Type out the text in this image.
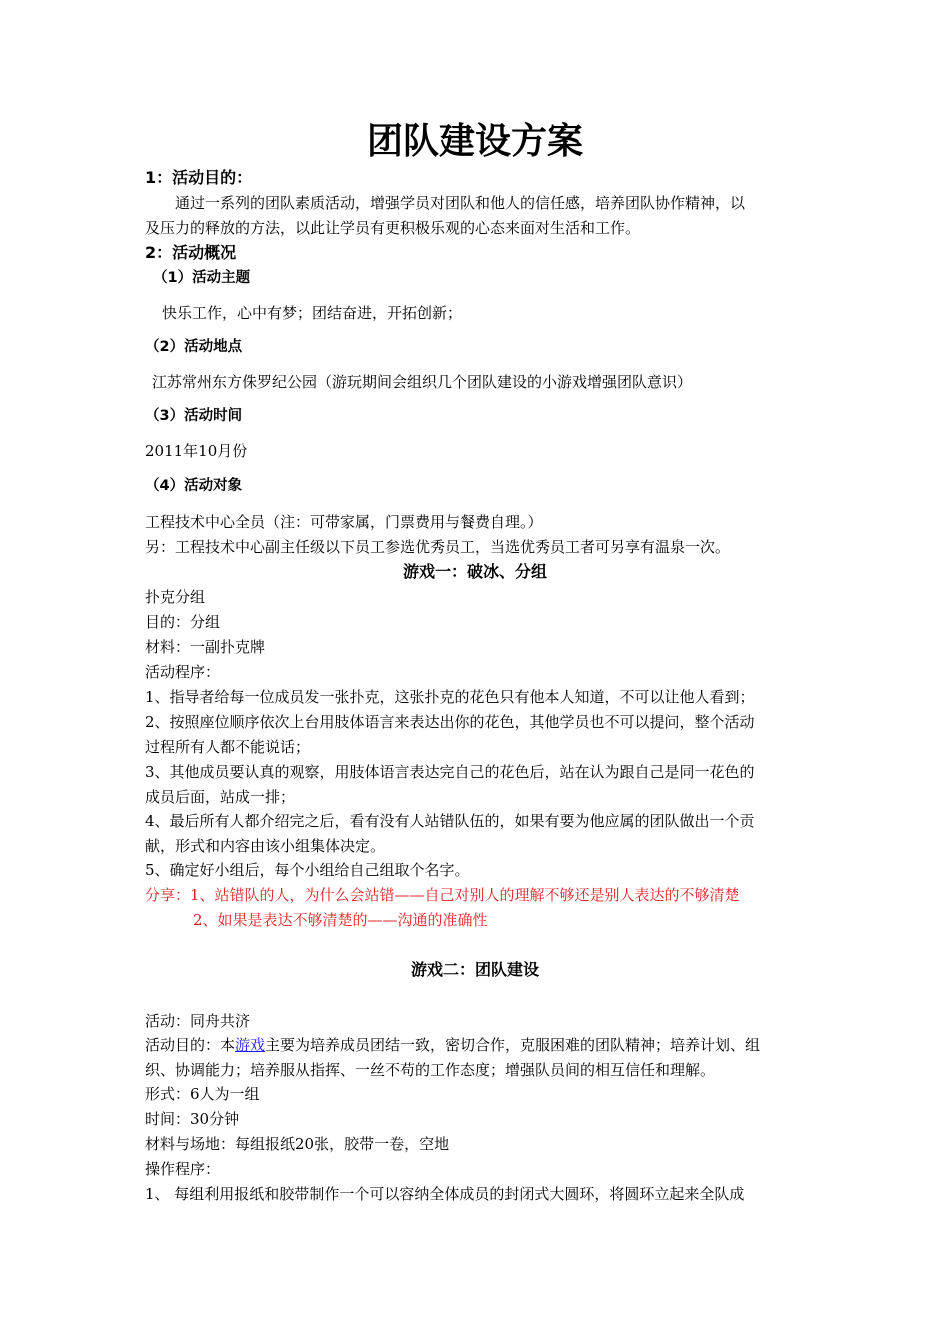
团队建设方案
1：活动目的：
通过一系列的团队素质活动，增强学员对团队和他人的信任感，培养团队协作精神，以
及压力的释放的方法，以此让学员有更积极乐观的心态来面对生活和工作。
2：活动概况
（1）活动主题
快乐工作，心中有梦；团结奋进，开拓创新；
（2）活动地点
江苏常州东方侏罗纪公园（游玩期间会组织几个团队建设的小游戏增强团队意识）
（3）活动时间
2011年10月份
（4）活动对象
工程技术中心全员（注：可带家属，门票费用与餐费自理。）
另：工程技术中心副主任级以下员工参选优秀员工，当选优秀员工者可另享有温泉一次。
游戏一：破冰、分组
扑克分组
目的：分组
材料：一副扑克牌
活动程序：
1、指导者给每一位成员发一张扑克，这张扑克的花色只有他本人知道，不可以让他人看到；
2、按照座位顺序依次上台用肢体语言来表达出你的花色，其他学员也不可以提问，整个活动
过程所有人都不能说话；
3、其他成员要认真的观察，用肢体语言表达完自己的花色后，站在认为跟自己是同一花色的
成员后面，站成一排；
4、最后所有人都介绍完之后，看有没有人站错队伍的，如果有要为他应属的团队做出一个贡
献，形式和内容由该小组集体决定。
5、确定好小组后，每个小组给自己组取个名字。
分享：1、站错队的人，为什么会站错——自己对别人的理解不够还是别人表达的不够清楚
2、如果是表达不够清楚的——沟通的准确性
游戏二：团队建设
活动：同舟共济
活动目的：本游戏主要为培养成员团结一致，密切合作，克服困难的团队精神；培养计划、组
织、协调能力；培养服从指挥、一丝不苟的工作态度；增强队员间的相互信任和理解。
形式：6人为一组
时间：30分钟
材料与场地：每组报纸20张，胶带一卷，空地
操作程序：
1、 每组利用报纸和胶带制作一个可以容纳全体成员的封闭式大圆环，将圆环立起来全队成
